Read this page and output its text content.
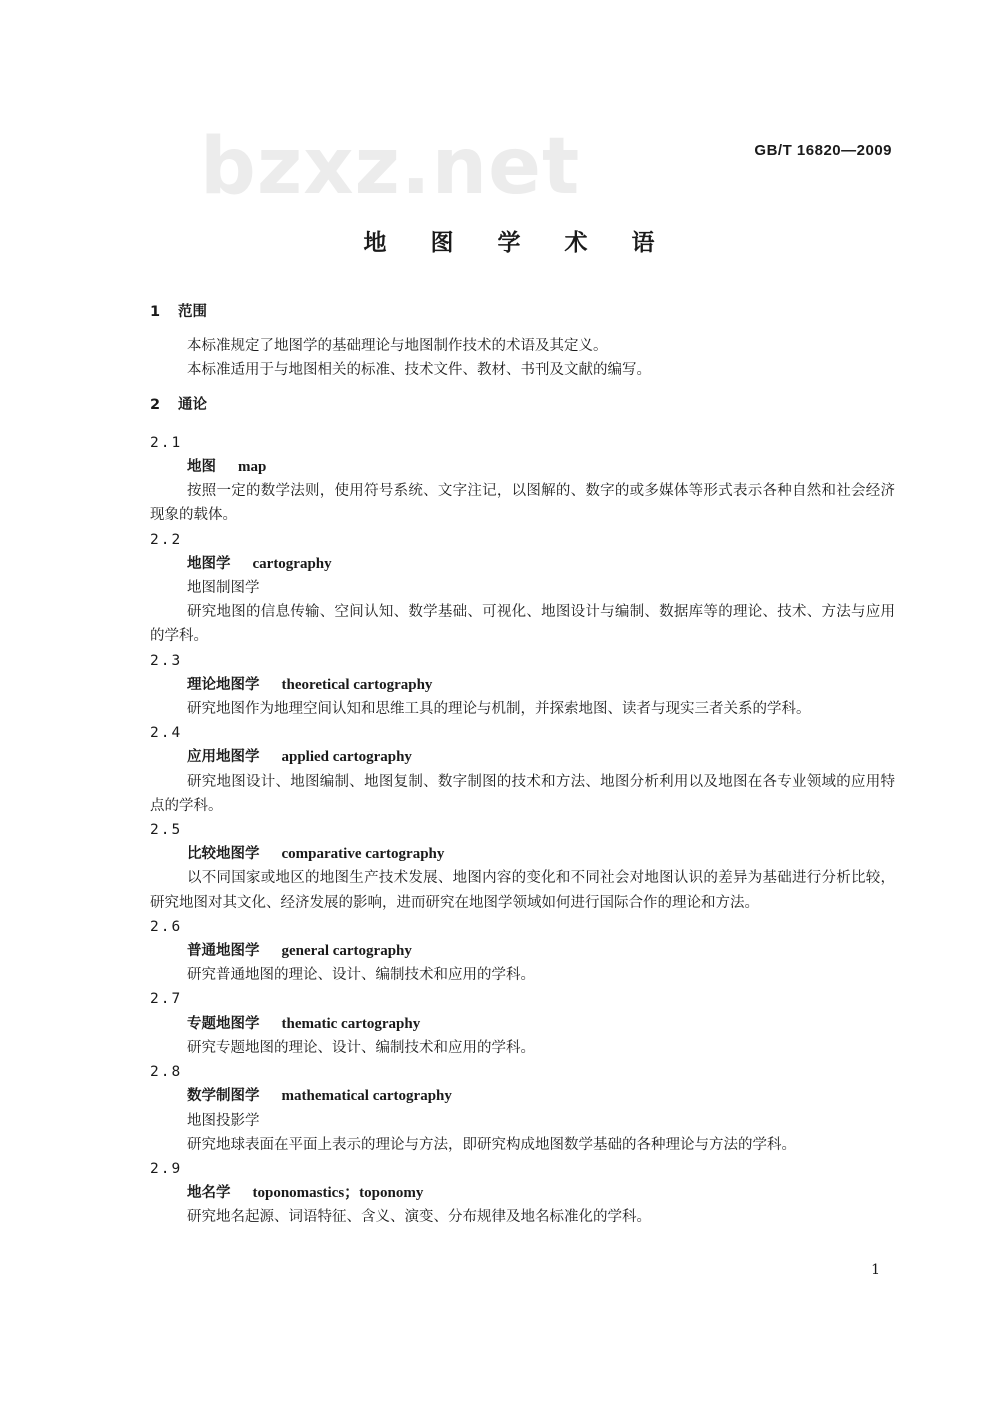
bzxz.net	GB/T 16820—2009
地 图 学 术 语

1 范围

本标准规定了地图学的基础理论与地图制作技术的术语及其定义。

本标准适用于与地图相关的标准、技术文件、教材、书刊及文献的编写。

2 通论

2.1

地图 map

按照一定的数学法则，使用符号系统、文字注记，以图解的、数字的或多媒体等形式表示各种自然和社会经济现象的载体。

2.2

地图学 cartography

地图制图学

研究地图的信息传输、空间认知、数学基础、可视化、地图设计与编制、数据库等的理论、技术、方法与应用的学科。

2.3

理论地图学 theoretical cartography

研究地图作为地理空间认知和思维工具的理论与机制，并探索地图、读者与现实三者关系的学科。

2.4

应用地图学 applied cartography

研究地图设计、地图编制、地图复制、数字制图的技术和方法、地图分析利用以及地图在各专业领域的应用特点的学科。

2.5

比较地图学 comparative cartography

以不同国家或地区的地图生产技术发展、地图内容的变化和不同社会对地图认识的差异为基础进行分析比较，研究地图对其文化、经济发展的影响，进而研究在地图学领域如何进行国际合作的理论和方法。

2.6

普通地图学 general cartography

研究普通地图的理论、设计、编制技术和应用的学科。

2.7

专题地图学 thematic cartography

研究专题地图的理论、设计、编制技术和应用的学科。

2.8

数学制图学 mathematical cartography

地图投影学

研究地球表面在平面上表示的理论与方法，即研究构成地图数学基础的各种理论与方法的学科。

2.9

地名学 toponomastics；toponomy

研究地名起源、词语特征、含义、演变、分布规律及地名标准化的学科。

1
